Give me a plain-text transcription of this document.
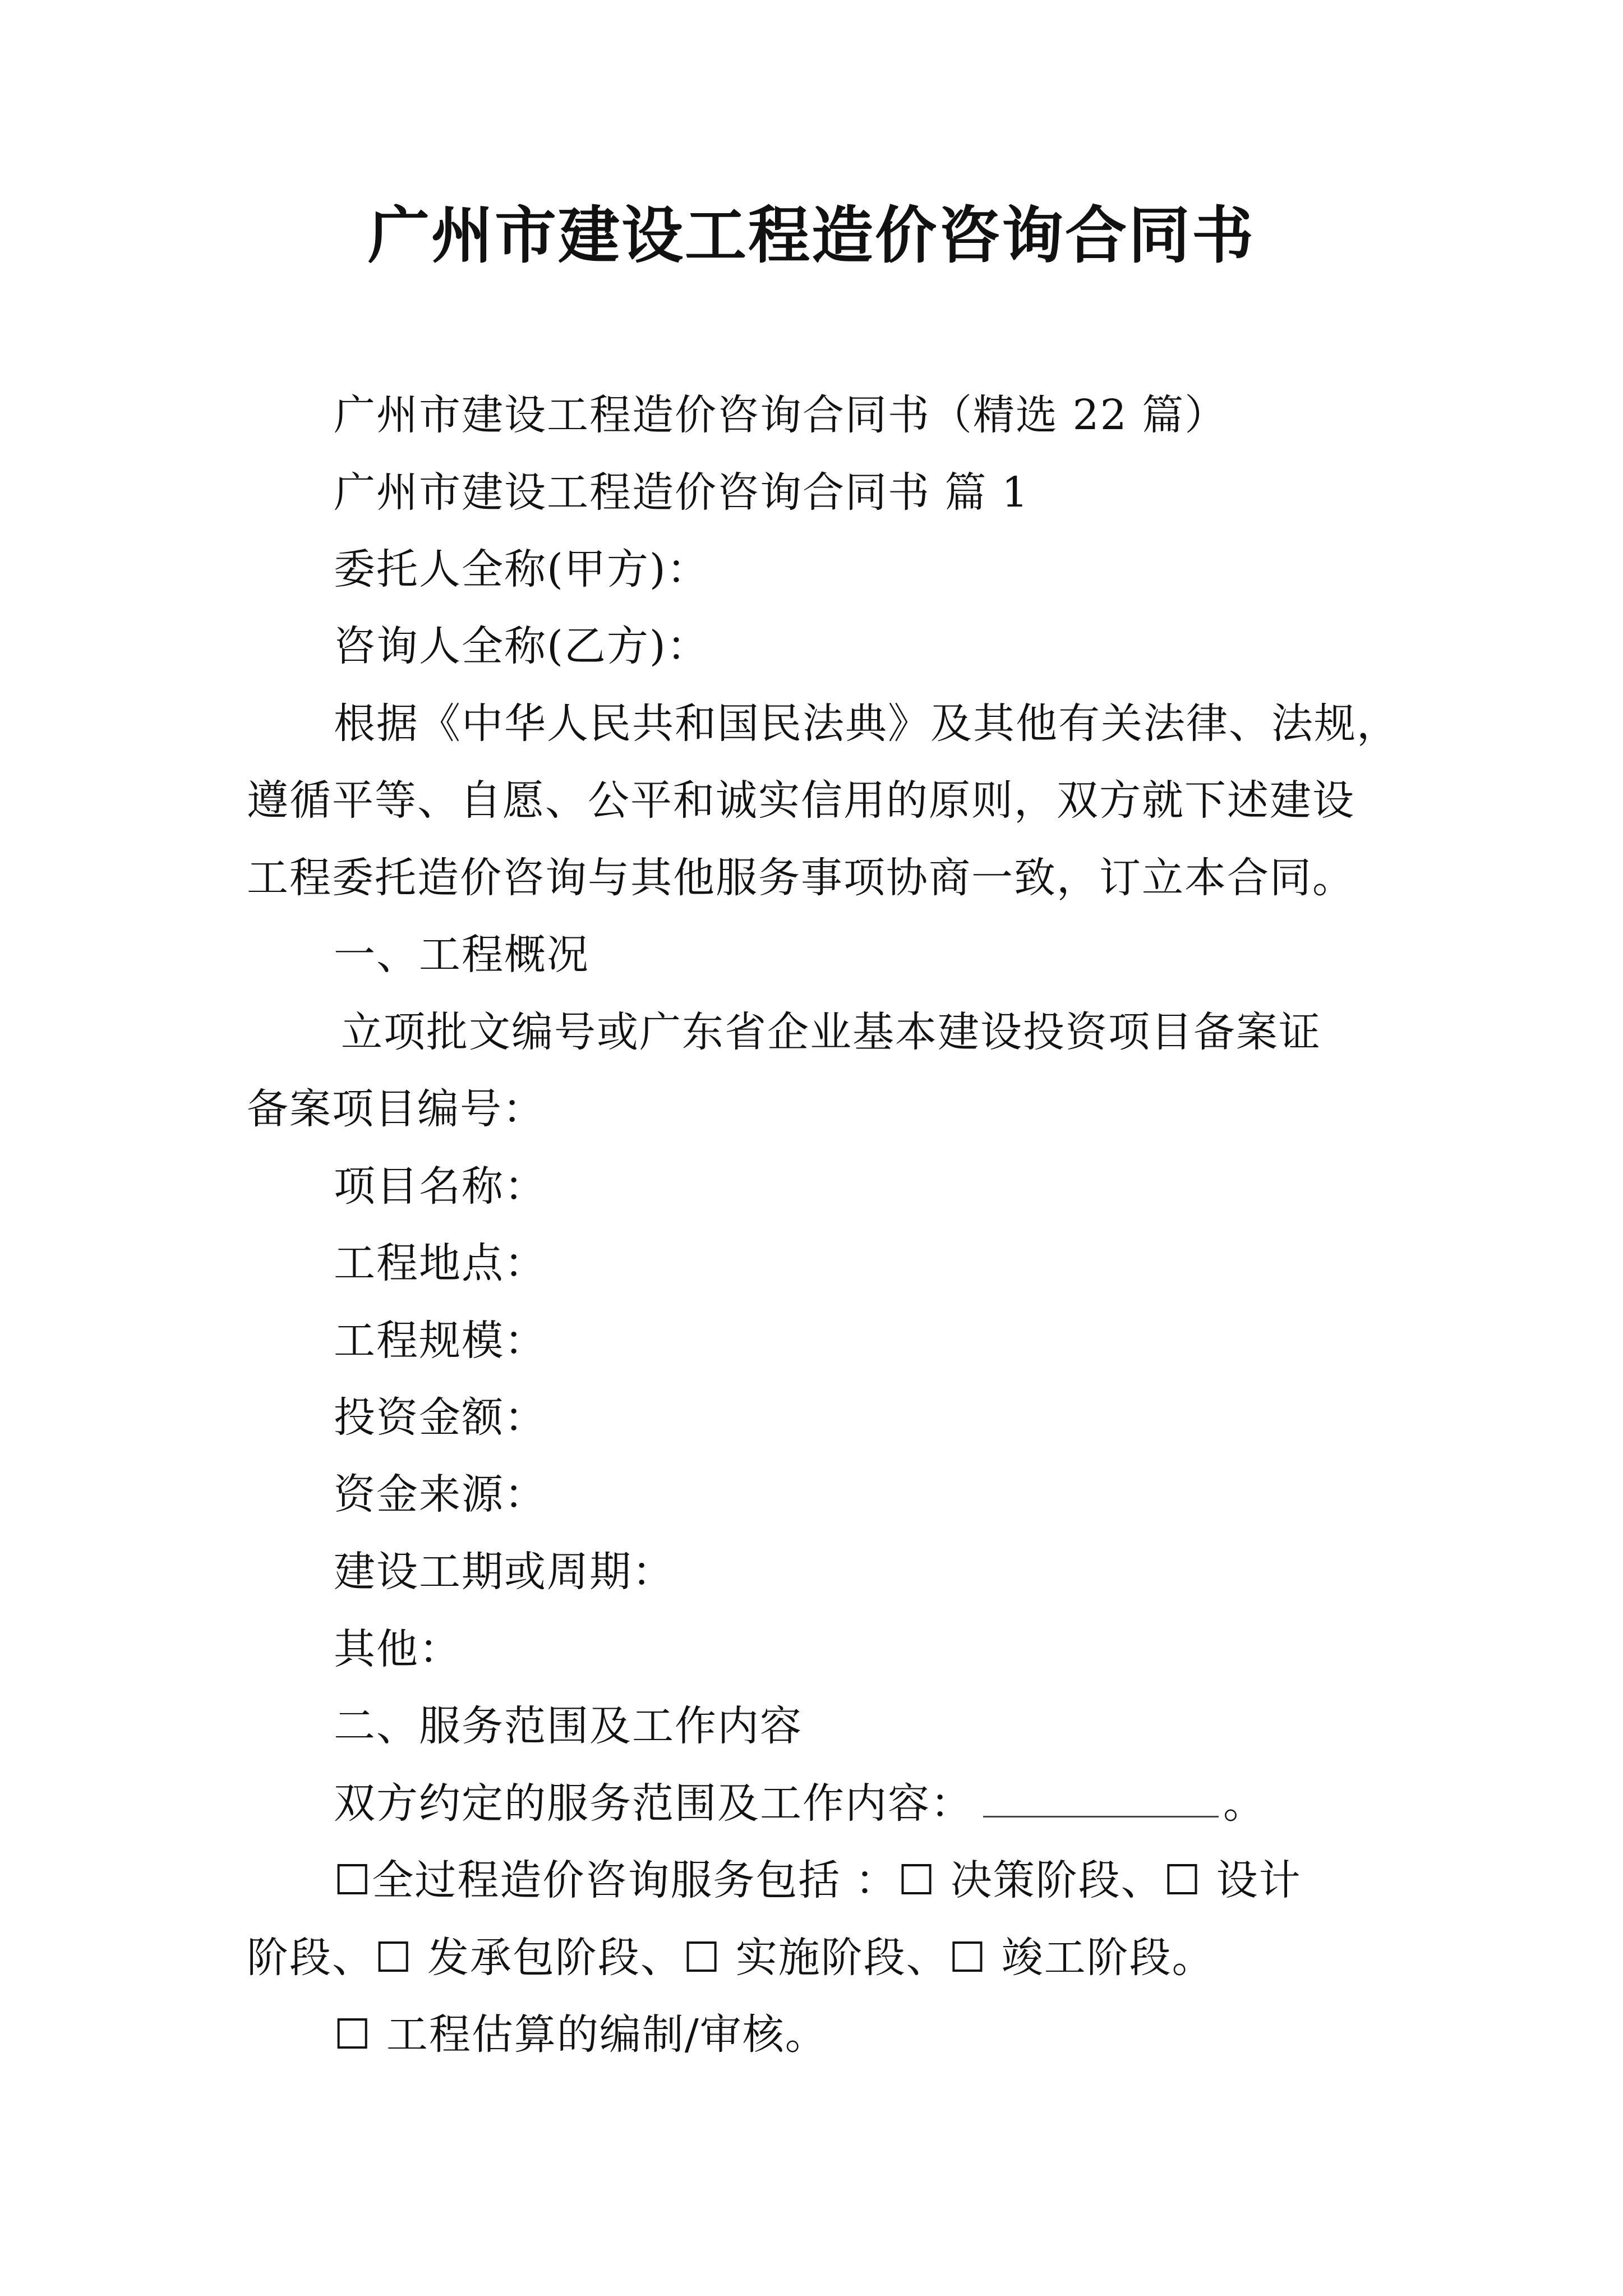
广州市建设工程造价咨询合同书
广州市建设工程造价咨询合同书（精选 22 篇）
广州市建设工程造价咨询合同书 篇 1
委托人全称(甲方)：
咨询人全称(乙方)：
根据《中华人民共和国民法典》及其他有关法律、法规，
遵循平等、自愿、公平和诚实信用的原则，双方就下述建设
工程委托造价咨询与其他服务事项协商一致，订立本合同。
一、工程概况
立项批文编号或广东省企业基本建设投资项目备案证
备案项目编号：
项目名称：
工程地点：
工程规模：
投资金额：
资金来源：
建设工期或周期：
其他：
二、服务范围及工作内容
双方约定的服务范围及工作内容：	。
☐全过程造价咨询服务包括 ：☐ 决策阶段、☐ 设计
阶段、☐ 发承包阶段、☐ 实施阶段、☐ 竣工阶段。
☐ 工程估算的编制/审核。
